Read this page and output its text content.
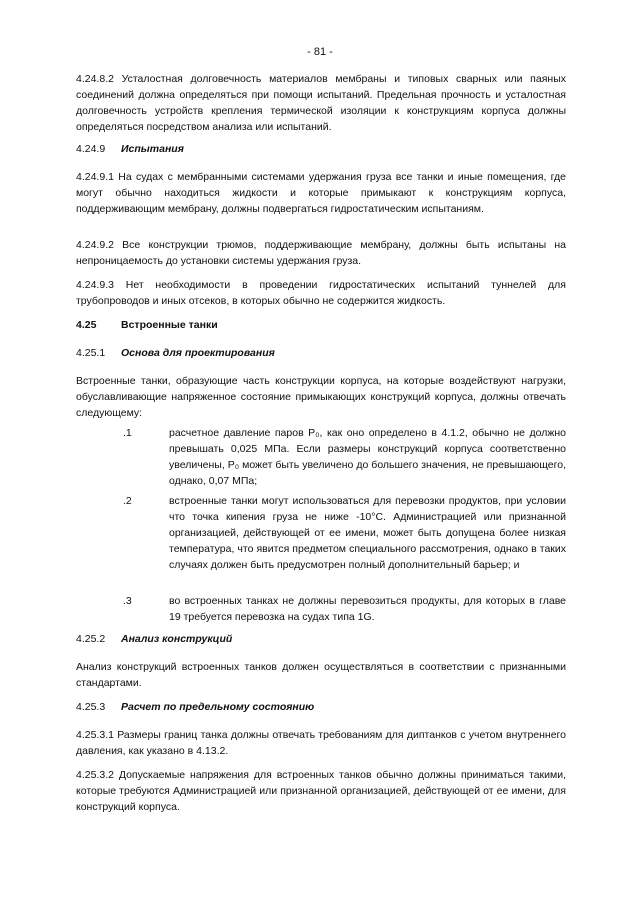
- 81 -

4.24.8.2 Усталостная долговечность материалов мембраны и типовых сварных или паяных соединений должна определяться при помощи испытаний. Предельная прочность и усталостная долговечность устройств крепления термической изоляции к конструкциям корпуса должны определяться посредством анализа или испытаний.

4.24.9 Испытания

4.24.9.1 На судах с мембранными системами удержания груза все танки и иные помещения, где могут обычно находиться жидкости и которые примыкают к конструкциям корпуса, поддерживающим мембрану, должны подвергаться гидростатическим испытаниям.

4.24.9.2 Все конструкции трюмов, поддерживающие мембрану, должны быть испытаны на непроницаемость до установки системы удержания груза.

4.24.9.3 Нет необходимости в проведении гидростатических испытаний туннелей для трубопроводов и иных отсеков, в которых обычно не содержится жидкость.

4.25 Встроенные танки
4.25.1 Основа для проектирования

Встроенные танки, образующие часть конструкции корпуса, на которые воздействуют нагрузки, обуславливающие напряженное состояние примыкающих конструкций корпуса, должны отвечать следующему:

.1	расчетное давление паров P₀, как оно определено в 4.1.2, обычно не должно превышать 0,025 МПа. Если размеры конструкций корпуса соответственно увеличены, P₀ может быть увеличено до большего значения, не превышающего, однако, 0,07 МПа;
.2	встроенные танки могут использоваться для перевозки продуктов, при условии что точка кипения груза не ниже -10°C. Администрацией или признанной организацией, действующей от ее имени, может быть допущена более низкая температура, что явится предметом специального рассмотрения, однако в таких случаях должен быть предусмотрен полный дополнительный барьер; и
.3	во встроенных танках не должны перевозиться продукты, для которых в главе 19 требуется перевозка на судах типа 1G.
4.25.2 Анализ конструкций

Анализ конструкций встроенных танков должен осуществляться в соответствии с признанными стандартами.

4.25.3 Расчет по предельному состоянию

4.25.3.1 Размеры границ танка должны отвечать требованиям для диптанков с учетом внутреннего давления, как указано в 4.13.2.

4.25.3.2 Допускаемые напряжения для встроенных танков обычно должны приниматься такими, которые требуются Администрацией или признанной организацией, действующей от ее имени, для конструкций корпуса.
